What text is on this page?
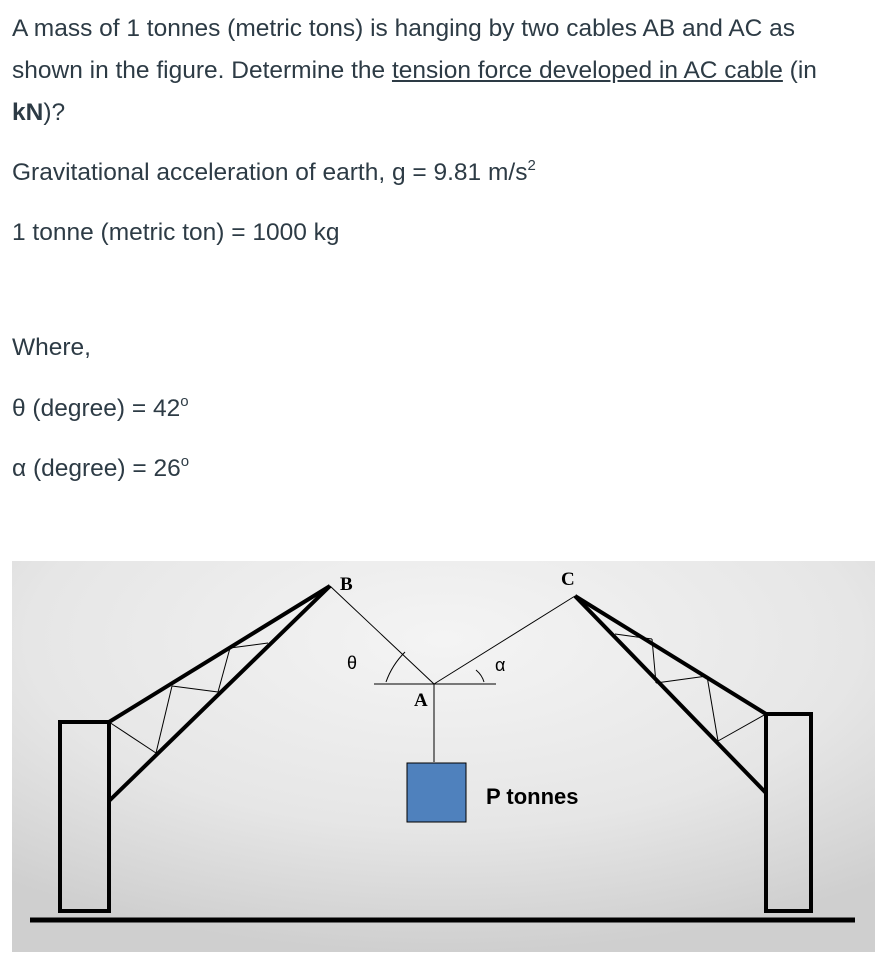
A mass of 1 tonnes (metric tons) is hanging by two cables AB and AC as shown in the figure. Determine the tension force developed in AC cable (in kN)?

Gravitational acceleration of earth, g = 9.81 $m/s^2$

1 tonne (metric ton) = 1000 kg

Where,

θ (degree) = $42^o$

α (degree) = $26^o$

B	C
A
θ	α
P tonnes
